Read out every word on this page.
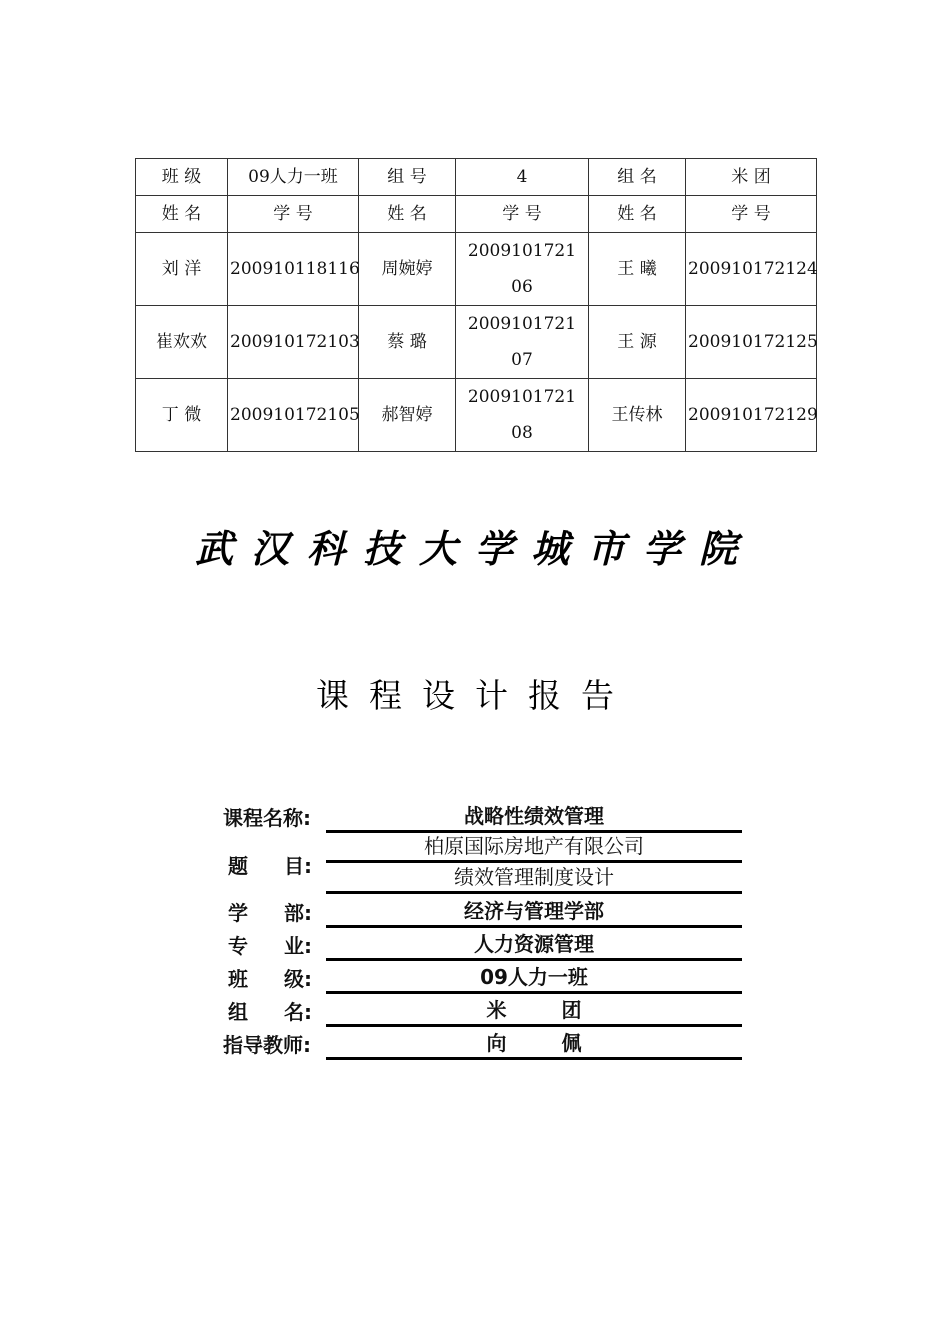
班 级	09人力一班	组 号	4	组 名	米 团
姓 名	学 号	姓 名	学 号	姓 名	学 号
刘 洋	200910118116	周婉婷	200910172106	王 曦	200910172124
崔欢欢	200910172103	蔡 璐	200910172107	王 源	200910172125
丁 微	200910172105	郝智婷	200910172108	王传林	200910172129
武汉科技大学城市学院
课程设计报告
课程名称:	战略性绩效管理
题 目:
柏原国际房地产有限公司
绩效管理制度设计
学 部:	经济与管理学部
专 业:	人力资源管理
班 级:	09人力一班
组 名:	米 团
指导教师:	向 佩
